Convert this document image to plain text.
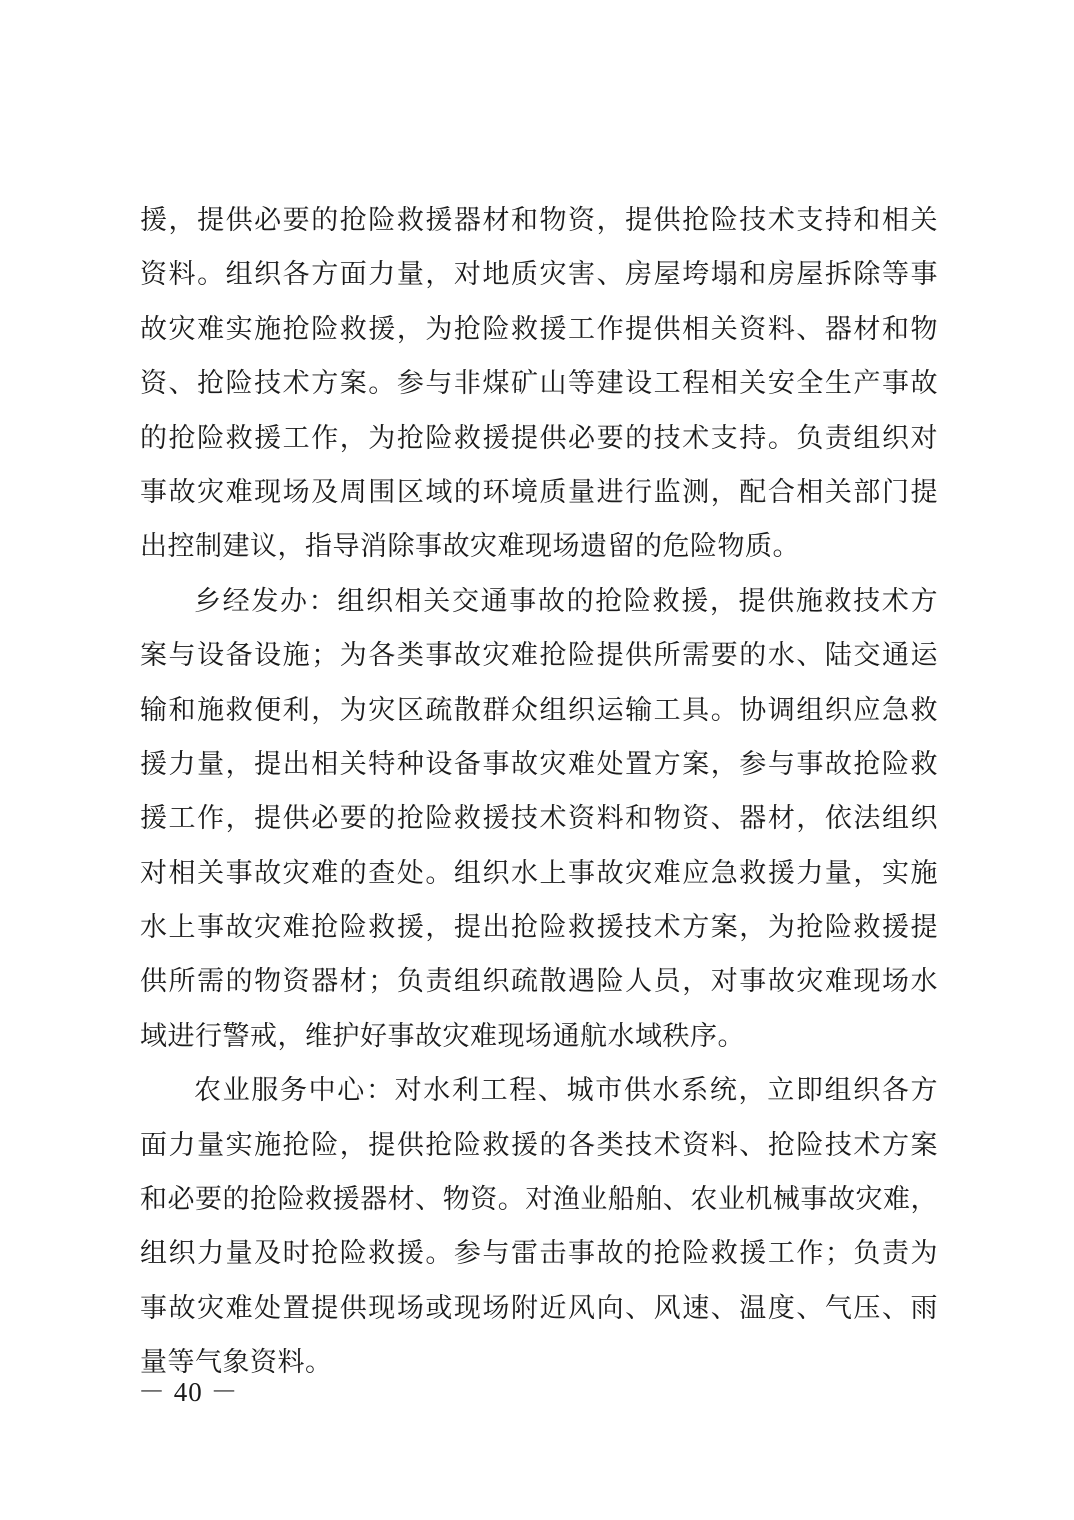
援，提供必要的抢险救援器材和物资，提供抢险技术支持和相关
资料。组织各方面力量，对地质灾害、房屋垮塌和房屋拆除等事
故灾难实施抢险救援，为抢险救援工作提供相关资料、器材和物
资、抢险技术方案。参与非煤矿山等建设工程相关安全生产事故
的抢险救援工作，为抢险救援提供必要的技术支持。负责组织对
事故灾难现场及周围区域的环境质量进行监测，配合相关部门提
出控制建议，指导消除事故灾难现场遗留的危险物质。
乡经发办：组织相关交通事故的抢险救援，提供施救技术方
案与设备设施；为各类事故灾难抢险提供所需要的水、陆交通运
输和施救便利，为灾区疏散群众组织运输工具。协调组织应急救
援力量，提出相关特种设备事故灾难处置方案，参与事故抢险救
援工作，提供必要的抢险救援技术资料和物资、器材，依法组织
对相关事故灾难的查处。组织水上事故灾难应急救援力量，实施
水上事故灾难抢险救援，提出抢险救援技术方案，为抢险救援提
供所需的物资器材；负责组织疏散遇险人员，对事故灾难现场水
域进行警戒，维护好事故灾难现场通航水域秩序。
农业服务中心：对水利工程、城市供水系统，立即组织各方
面力量实施抢险，提供抢险救援的各类技术资料、抢险技术方案
和必要的抢险救援器材、物资。对渔业船舶、农业机械事故灾难，
组织力量及时抢险救援。参与雷击事故的抢险救援工作；负责为
事故灾难处置提供现场或现场附近风向、风速、温度、气压、雨
量等气象资料。
－ 40 －
